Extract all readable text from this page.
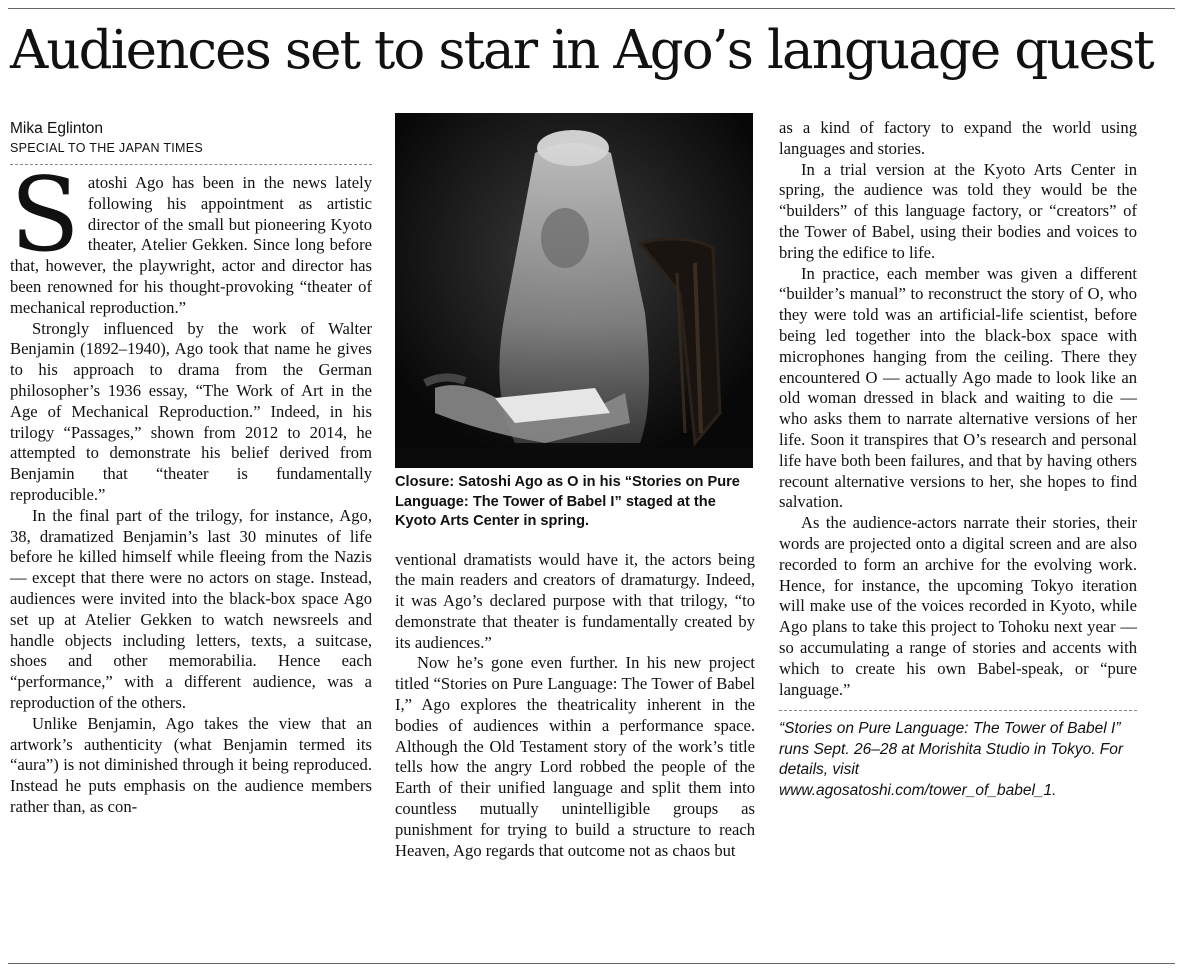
Audiences set to star in Ago’s language quest
Mika Eglinton
SPECIAL TO THE JAPAN TIMES

Satoshi Ago has been in the news lately following his appointment as artistic director of the small but pioneering Kyoto theater, Atelier Gekken. Since long before that, however, the playwright, actor and director has been renowned for his thought-provoking “theater of mechanical reproduction.”

Strongly influenced by the work of Walter Benjamin (1892–1940), Ago took that name he gives to his approach to drama from the German philosopher’s 1936 essay, “The Work of Art in the Age of Mechanical Reproduction.” Indeed, in his trilogy “Passages,” shown from 2012 to 2014, he attempted to demonstrate his belief derived from Benjamin that “theater is fundamentally reproducible.”

In the final part of the trilogy, for instance, Ago, 38, dramatized Benjamin’s last 30 minutes of life before he killed himself while fleeing from the Nazis — except that there were no actors on stage. Instead, audiences were invited into the black-box space Ago set up at Atelier Gekken to watch newsreels and handle objects including letters, texts, a suitcase, shoes and other memorabilia. Hence each “performance,” with a different audience, was a reproduction of the others.

Unlike Benjamin, Ago takes the view that an artwork’s authenticity (what Benjamin termed its “aura”) is not diminished through it being reproduced. Instead he puts emphasis on the audience members rather than, as con-

Closure: Satoshi Ago as O in his “Stories on Pure Language: The Tower of Babel I” staged at the Kyoto Arts Center in spring.

ventional dramatists would have it, the actors being the main readers and creators of dramaturgy. Indeed, it was Ago’s declared purpose with that trilogy, “to demonstrate that theater is fundamentally created by its audiences.”

Now he’s gone even further. In his new project titled “Stories on Pure Language: The Tower of Babel I,” Ago explores the theatricality inherent in the bodies of audiences within a performance space. Although the Old Testament story of the work’s title tells how the angry Lord robbed the people of the Earth of their unified language and split them into countless mutually unintelligible groups as punishment for trying to build a structure to reach Heaven, Ago regards that outcome not as chaos but

as a kind of factory to expand the world using languages and stories.

In a trial version at the Kyoto Arts Center in spring, the audience was told they would be the “builders” of this language factory, or “creators” of the Tower of Babel, using their bodies and voices to bring the edifice to life.

In practice, each member was given a different “builder’s manual” to reconstruct the story of O, who they were told was an artificial-life scientist, before being led together into the black-box space with microphones hanging from the ceiling. There they encountered O — actually Ago made to look like an old woman dressed in black and waiting to die — who asks them to narrate alternative versions of her life. Soon it transpires that O’s research and personal life have both been failures, and that by having others recount alternative versions to her, she hopes to find salvation.

As the audience-actors narrate their stories, their words are projected onto a digital screen and are also recorded to form an archive for the evolving work. Hence, for instance, the upcoming Tokyo iteration will make use of the voices recorded in Kyoto, while Ago plans to take this project to Tohoku next year — so accumulating a range of stories and accents with which to create his own Babel-speak, or “pure language.”

“Stories on Pure Language: The Tower of Babel I” runs Sept. 26–28 at Morishita Studio in Tokyo. For details, visit www.agosatoshi.com/tower_of_babel_1.
